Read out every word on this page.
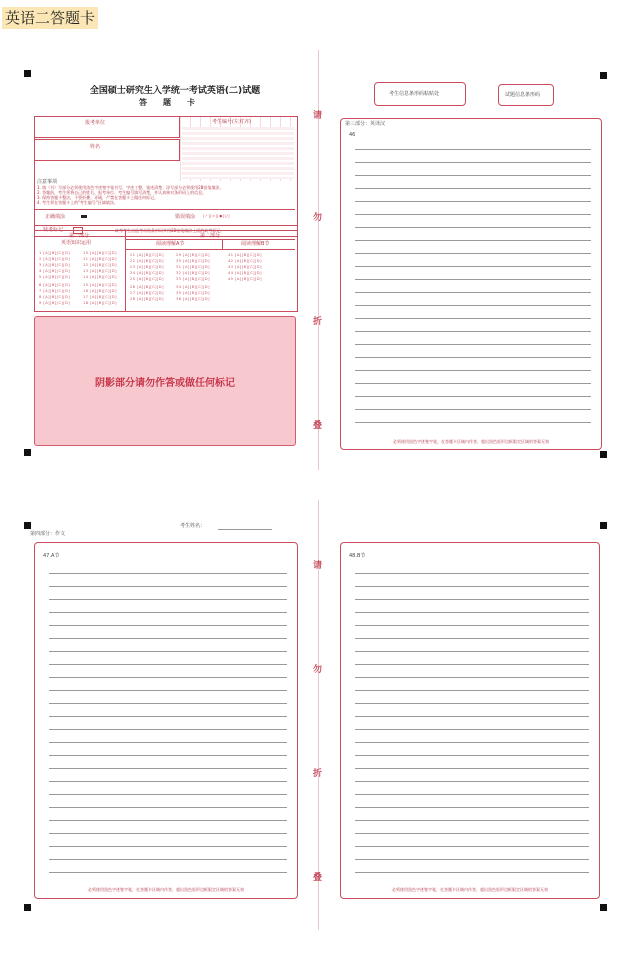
英语二答题卡
全国硕士研究生入学统一考试英语(二)试题
答题卡
报考单位
姓名
考生编号(左对齐)
注意事项
1. 填（书）写部分必须使用黑色字迹签字笔书写，字迹工整、笔迹清楚；涂写部分必须使用2B铅笔填涂。
2. 答题前，考生须将自己的姓名、报考单位、考生编号填写清楚，并认真核对条形码上的信息。
3. 保持答题卡整洁，不要折叠、弄破，严禁在答题卡上做任何标记。
4. 考生须在答题卡上的"考生编号"区域填涂。
正确填涂	错误填涂 [✓][×][●][/]
缺考标记	缺考考生由监考员贴条形码并用2B铅笔填涂上面的缺考标记。
第一部分
英语知识运用
1 [A][B][C][D]
2 [A][B][C][D]
3 [A][B][C][D]
4 [A][B][C][D]
5 [A][B][C][D]
6 [A][B][C][D]
7 [A][B][C][D]
8 [A][B][C][D]
9 [A][B][C][D]
10 [A][B][C][D]
11 [A][B][C][D]
12 [A][B][C][D]
13 [A][B][C][D]
14 [A][B][C][D]
15 [A][B][C][D]
16 [A][B][C][D]
17 [A][B][C][D]
18 [A][B][C][D]
第二部分
阅读理解A节	阅读理解B节
21 [A][B][C][D]
22 [A][B][C][D]
23 [A][B][C][D]
24 [A][B][C][D]
25 [A][B][C][D]
26 [A][B][C][D]
27 [A][B][C][D]
28 [A][B][C][D]
29 [A][B][C][D]
30 [A][B][C][D]
31 [A][B][C][D]
32 [A][B][C][D]
33 [A][B][C][D]
34 [A][B][C][D]
35 [A][B][C][D]
36 [A][B][C][D]
41 [A][B][C][D]
42 [A][B][C][D]
43 [A][B][C][D]
44 [A][B][C][D]
45 [A][B][C][D]
阴影部分请勿作答或做任何标记
请
勿
折
叠
考生信息条形码粘贴处	试题信息条形码
第三部分：英译汉
46
必须使用黑色字迹签字笔，在答题卡区域内作答，超出黑色矩形边框限定区域的答案无效
第四部分：作文
考生姓名：
47.A节
必须使用黑色字迹签字笔，在答题卡区域内作答，超出黑色矩形边框限定区域的答案无效
请
勿
折
叠
48.B节
必须使用黑色字迹签字笔，在答题卡区域内作答，超出黑色矩形边框限定区域的答案无效
